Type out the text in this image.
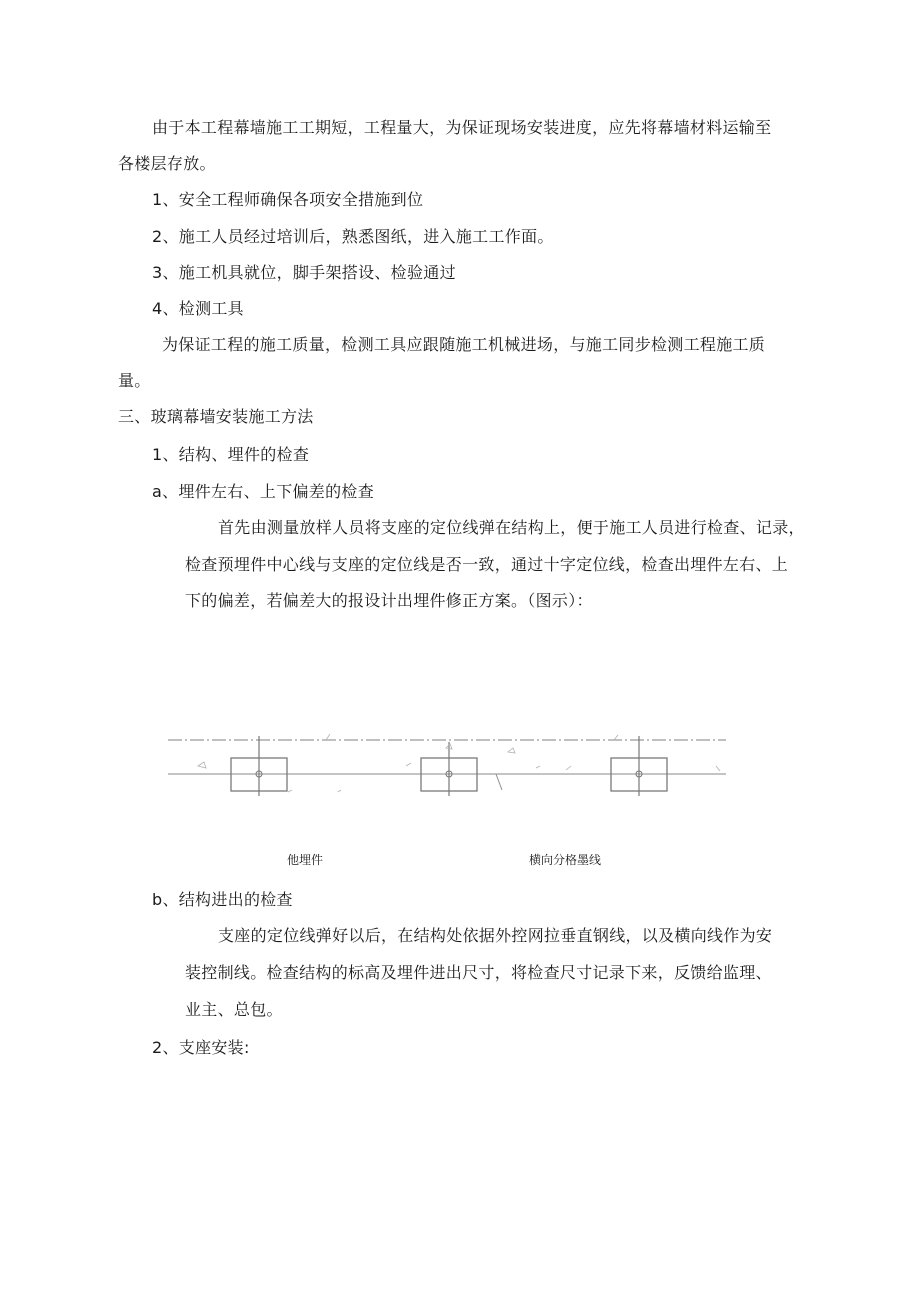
由于本工程幕墙施工工期短，工程量大，为保证现场安装进度，应先将幕墙材料运输至
各楼层存放。
1、安全工程师确保各项安全措施到位
2、施工人员经过培训后，熟悉图纸，进入施工工作面。
3、施工机具就位，脚手架搭设、检验通过
4、检测工具
为保证工程的施工质量，检测工具应跟随施工机械进场，与施工同步检测工程施工质
量。
三、玻璃幕墙安装施工方法
1、结构、埋件的检查
a、埋件左右、上下偏差的检查
首先由测量放样人员将支座的定位线弹在结构上，便于施工人员进行检查、记录，
检查预埋件中心线与支座的定位线是否一致，通过十字定位线，检查出埋件左右、上
下的偏差，若偏差大的报设计出埋件修正方案。（图示）：
他埋件	横向分格墨线
b、结构进出的检查
支座的定位线弹好以后，在结构处依据外控网拉垂直钢线，以及横向线作为安
装控制线。检查结构的标高及埋件进出尺寸，将检查尺寸记录下来，反馈给监理、
业主、总包。
2、支座安装:
